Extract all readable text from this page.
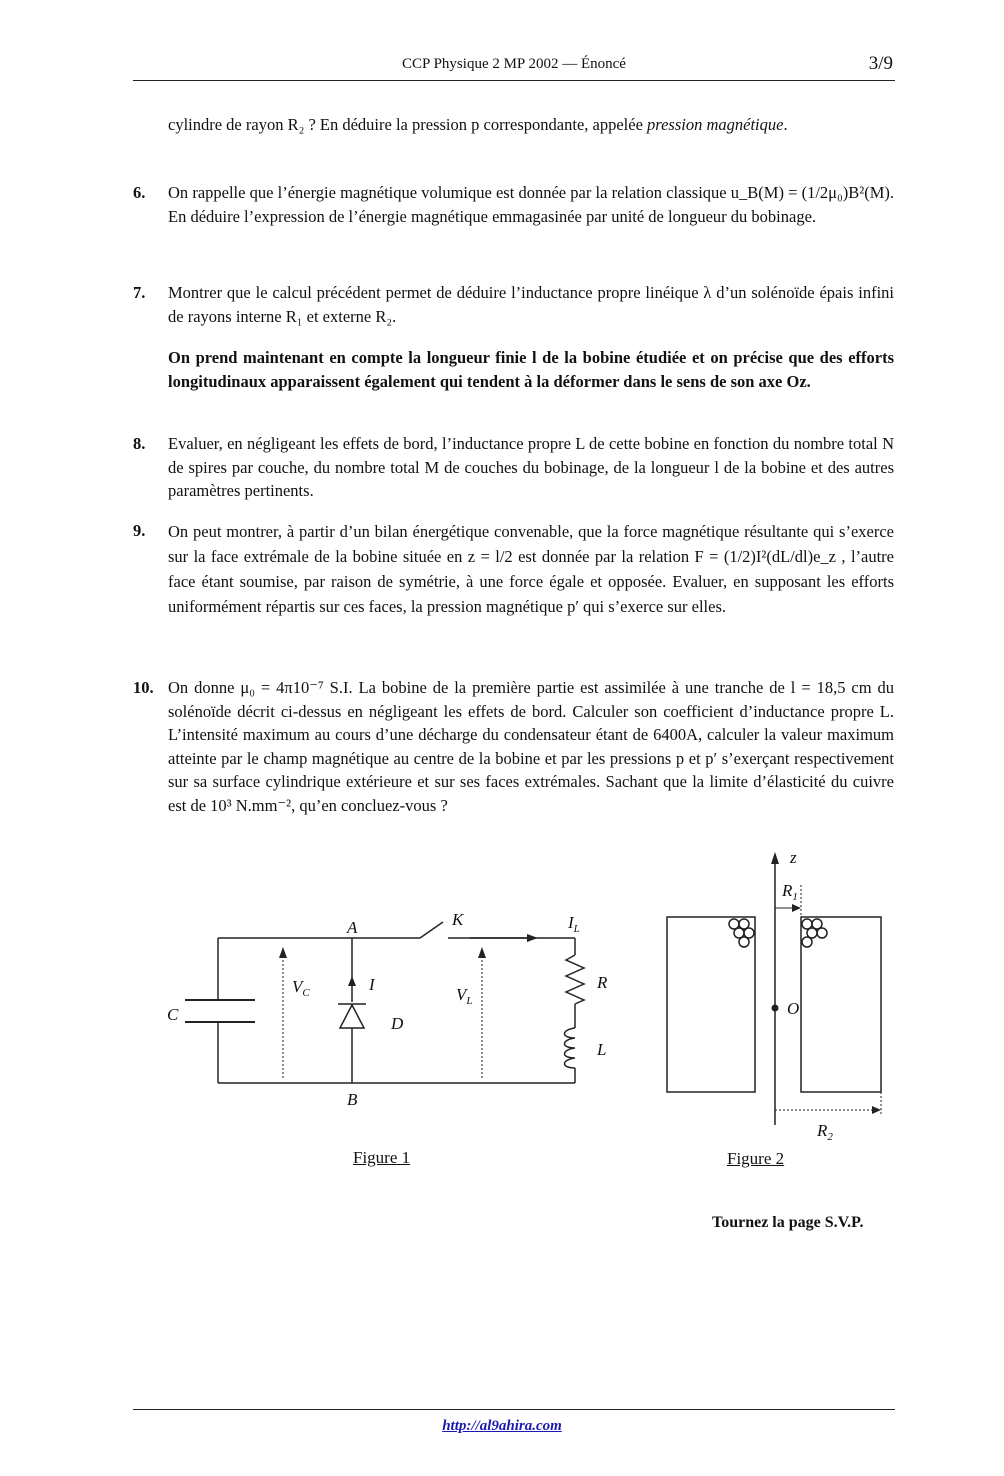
CCP Physique 2 MP 2002 — Énoncé	3/9
cylindre de rayon R₂ ? En déduire la pression p correspondante, appelée pression magnétique.
6. On rappelle que l’énergie magnétique volumique est donnée par la relation classique u_B(M) = (1/2μ₀)B²(M). En déduire l’expression de l’énergie magnétique emmagasinée par unité de longueur du bobinage.
7. Montrer que le calcul précédent permet de déduire l’inductance propre linéique λ d’un solénoïde épais infini de rayons interne R₁ et externe R₂.
On prend maintenant en compte la longueur finie l de la bobine étudiée et on précise que des efforts longitudinaux apparaissent également qui tendent à la déformer dans le sens de son axe Oz.
8. Evaluer, en négligeant les effets de bord, l’inductance propre L de cette bobine en fonction du nombre total N de spires par couche, du nombre total M de couches du bobinage, de la longueur l de la bobine et des autres paramètres pertinents.
9. On peut montrer, à partir d’un bilan énergétique convenable, que la force magnétique résultante qui s’exerce sur la face extrémale de la bobine située en z = l/2 est donnée par la relation F = (1/2)I²(dL/dl)e_z , l’autre face étant soumise, par raison de symétrie, à une force égale et opposée. Evaluer, en supposant les efforts uniformément répartis sur ces faces, la pression magnétique p′ qui s’exerce sur elles.
10. On donne μ₀ = 4π10⁻⁷ S.I. La bobine de la première partie est assimilée à une tranche de l = 18,5 cm du solénoïde décrit ci-dessus en négligeant les effets de bord. Calculer son coefficient d’inductance propre L. L’intensité maximum au cours d’une décharge du condensateur étant de 6400A, calculer la valeur maximum atteinte par le champ magnétique au centre de la bobine et par les pressions p et p′ s’exerçant respectivement sur sa surface cylindrique extérieure et sur ses faces extrémales. Sachant que la limite d’élasticité du cuivre est de 10³ N.mm⁻², qu’en concluez-vous ?
A
B
C
K	$I_L$
R
L
$V_C$	$V_L$
I
D
z
$R_1$
O
$R_2$
Figure 1	Figure 2
Tournez la page S.V.P.
http://al9ahira.com
